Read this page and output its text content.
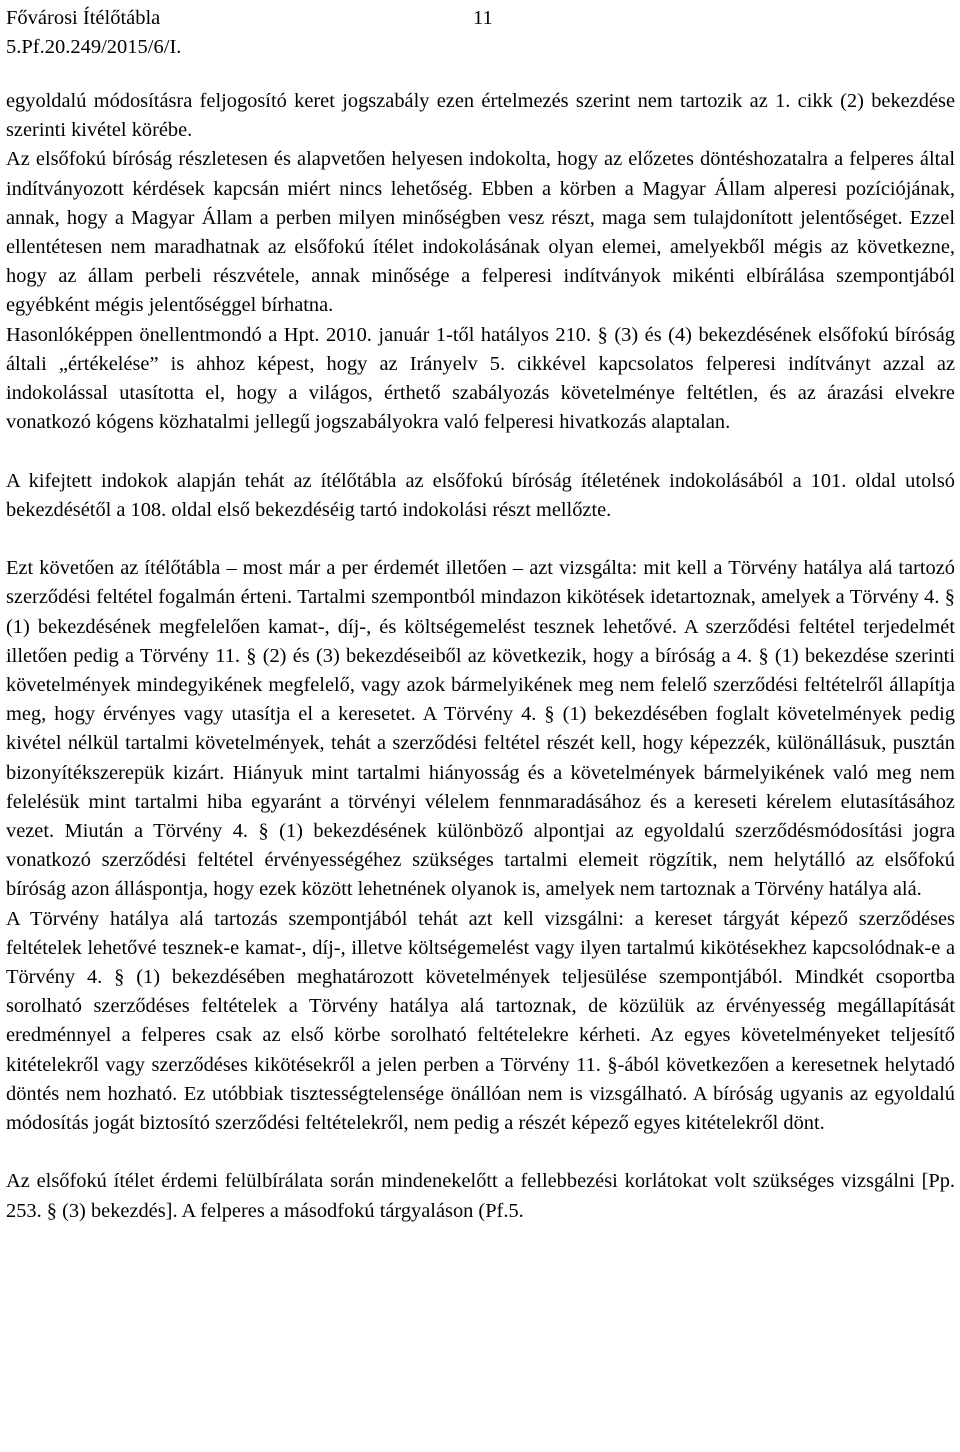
Fővárosi Ítélőtábla	11
5.Pf.20.249/2015/6/I.

egyoldalú módosításra feljogosító keret jogszabály ezen értelmezés szerint nem tartozik az 1. cikk (2) bekezdése szerinti kivétel körébe.

Az elsőfokú bíróság részletesen és alapvetően helyesen indokolta, hogy az előzetes döntéshozatalra a felperes által indítványozott kérdések kapcsán miért nincs lehetőség. Ebben a körben a Magyar Állam alperesi pozíciójának, annak, hogy a Magyar Állam a perben milyen minőségben vesz részt, maga sem tulajdonított jelentőséget. Ezzel ellentétesen nem maradhatnak az elsőfokú ítélet indokolásának olyan elemei, amelyekből mégis az következne, hogy az állam perbeli részvétele, annak minősége a felperesi indítványok mikénti elbírálása szempontjából egyébként mégis jelentőséggel bírhatna.

Hasonlóképpen önellentmondó a Hpt. 2010. január 1-től hatályos 210. § (3) és (4) bekezdésének elsőfokú bíróság általi „értékelése” is ahhoz képest, hogy az Irányelv 5. cikkével kapcsolatos felperesi indítványt azzal az indokolással utasította el, hogy a világos, érthető szabályozás követelménye feltétlen, és az árazási elvekre vonatkozó kógens közhatalmi jellegű jogszabályokra való felperesi hivatkozás alaptalan.

A kifejtett indokok alapján tehát az ítélőtábla az elsőfokú bíróság ítéletének indokolásából a 101. oldal utolsó bekezdésétől a 108. oldal első bekezdéséig tartó indokolási részt mellőzte.

Ezt követően az ítélőtábla – most már a per érdemét illetően – azt vizsgálta: mit kell a Törvény hatálya alá tartozó szerződési feltétel fogalmán érteni. Tartalmi szempontból mindazon kikötések idetartoznak, amelyek a Törvény 4. § (1) bekezdésének megfelelően kamat-, díj-, és költségemelést tesznek lehetővé. A szerződési feltétel terjedelmét illetően pedig a Törvény 11. § (2) és (3) bekezdéseiből az következik, hogy a bíróság a 4. § (1) bekezdése szerinti követelmények mindegyikének megfelelő, vagy azok bármelyikének meg nem felelő szerződési feltételről állapítja meg, hogy érvényes vagy utasítja el a keresetet. A Törvény 4. § (1) bekezdésében foglalt követelmények pedig kivétel nélkül tartalmi követelmények, tehát a szerződési feltétel részét kell, hogy képezzék, különállásuk, pusztán bizonyítékszerepük kizárt. Hiányuk mint tartalmi hiányosság és a követelmények bármelyikének való meg nem felelésük mint tartalmi hiba egyaránt a törvényi vélelem fennmaradásához és a kereseti kérelem elutasításához vezet. Miután a Törvény 4. § (1) bekezdésének különböző alpontjai az egyoldalú szerződésmódosítási jogra vonatkozó szerződési feltétel érvényességéhez szükséges tartalmi elemeit rögzítik, nem helytálló az elsőfokú bíróság azon álláspontja, hogy ezek között lehetnének olyanok is, amelyek nem tartoznak a Törvény hatálya alá.

A Törvény hatálya alá tartozás szempontjából tehát azt kell vizsgálni: a kereset tárgyát képező szerződéses feltételek lehetővé tesznek-e kamat-, díj-, illetve költségemelést vagy ilyen tartalmú kikötésekhez kapcsolódnak-e a Törvény 4. § (1) bekezdésében meghatározott követelmények teljesülése szempontjából. Mindkét csoportba sorolható szerződéses feltételek a Törvény hatálya alá tartoznak, de közülük az érvényesség megállapítását eredménnyel a felperes csak az első körbe sorolható feltételekre kérheti. Az egyes követelményeket teljesítő kitételekről vagy szerződéses kikötésekről a jelen perben a Törvény 11. §-ából következően a keresetnek helytadó döntés nem hozható. Ez utóbbiak tisztességtelensége önállóan nem is vizsgálható. A bíróság ugyanis az egyoldalú módosítás jogát biztosító szerződési feltételekről, nem pedig a részét képező egyes kitételekről dönt.

Az elsőfokú ítélet érdemi felülbírálata során mindenekelőtt a fellebbezési korlátokat volt szükséges vizsgálni [Pp. 253. § (3) bekezdés]. A felperes a másodfokú tárgyaláson (Pf.5.
